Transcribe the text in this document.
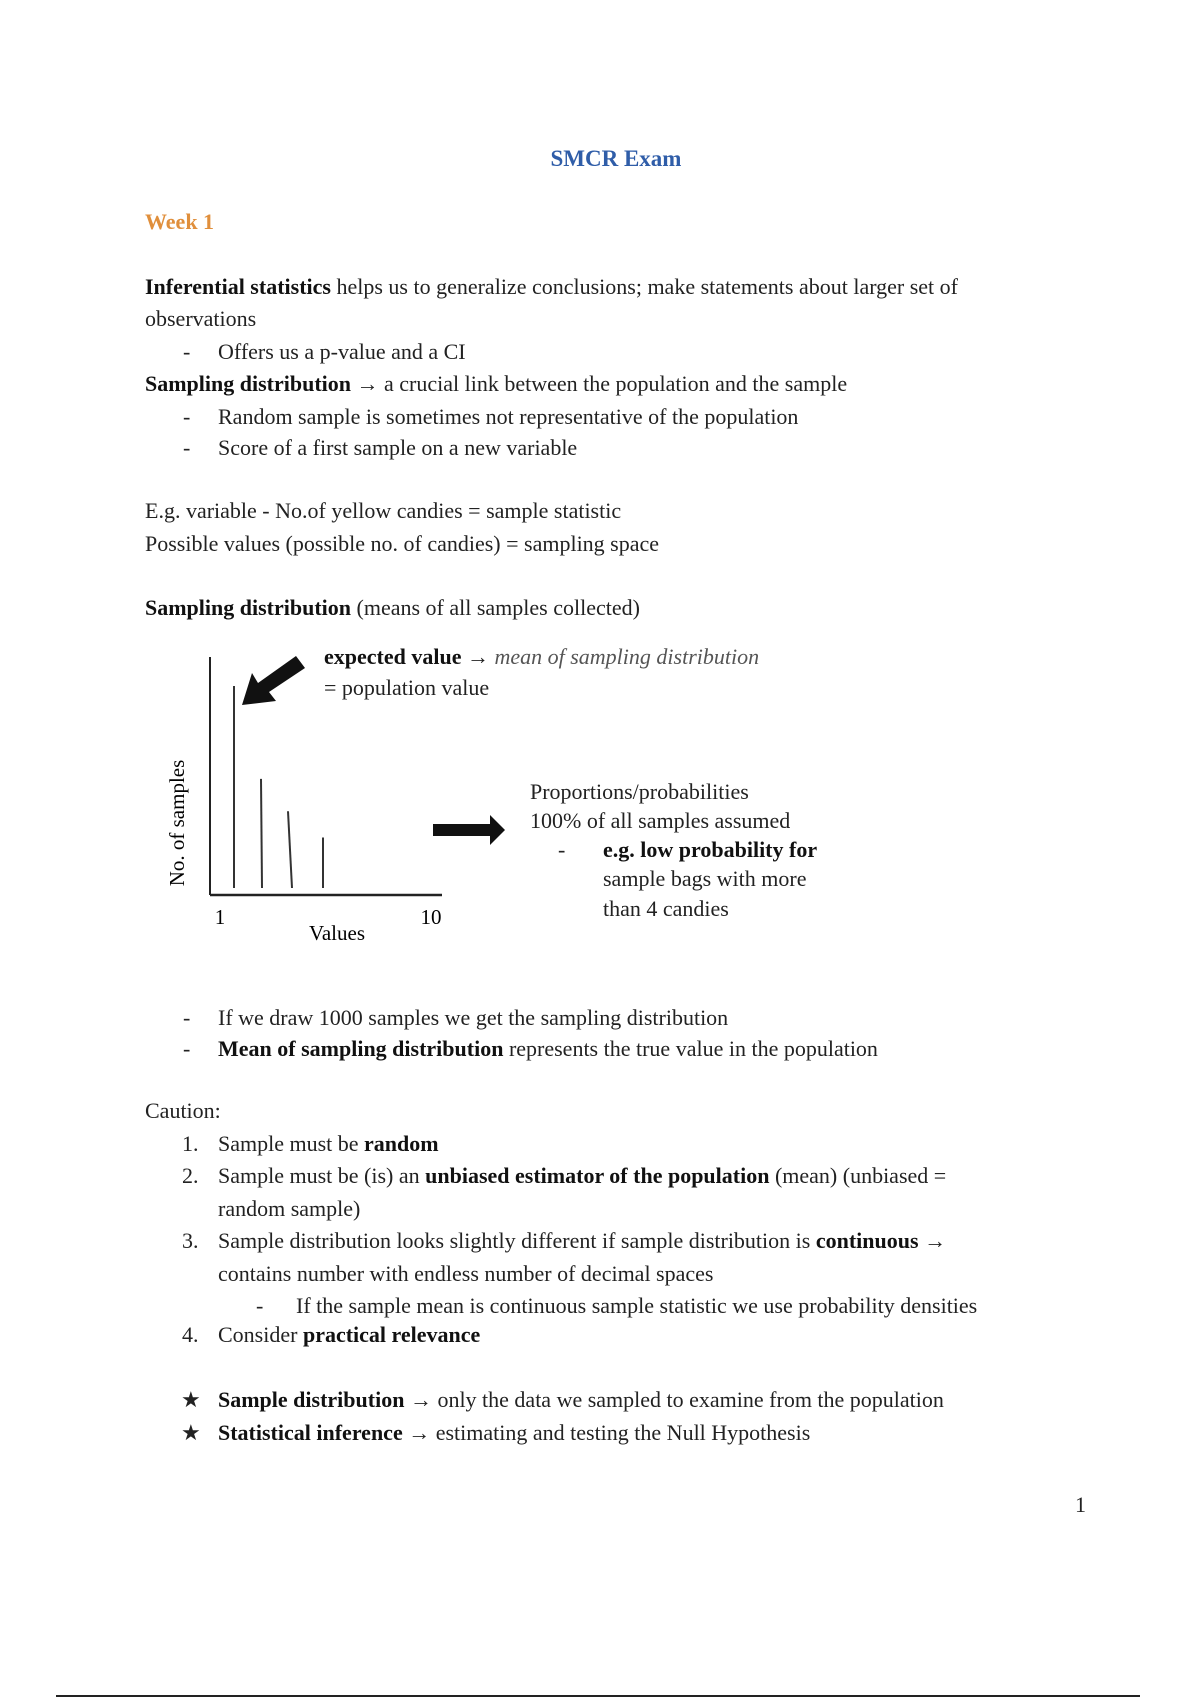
SMCR Exam
Week 1
Inferential statistics helps us to generalize conclusions; make statements about larger set of
observations
- Offers us a p-value and a CI
Sampling distribution → a crucial link between the population and the sample
- Random sample is sometimes not representative of the population
- Score of a first sample on a new variable
E.g. variable - No.of yellow candies = sample statistic
Possible values (possible no. of candies) = sampling space
Sampling distribution (means of all samples collected)
1	10
Values
No. of samples
expected value → mean of sampling distribution
= population value
Proportions/probabilities
100% of all samples assumed
- e.g. low probability for
sample bags with more
than 4 candies
- If we draw 1000 samples we get the sampling distribution
- Mean of sampling distribution represents the true value in the population
Caution:
1. Sample must be random
2. Sample must be (is) an unbiased estimator of the population (mean) (unbiased =
random sample)
3. Sample distribution looks slightly different if sample distribution is continuous →
contains number with endless number of decimal spaces
- If the sample mean is continuous sample statistic we use probability densities
4. Consider practical relevance
★ Sample distribution → only the data we sampled to examine from the population
★ Statistical inference → estimating and testing the Null Hypothesis
1
